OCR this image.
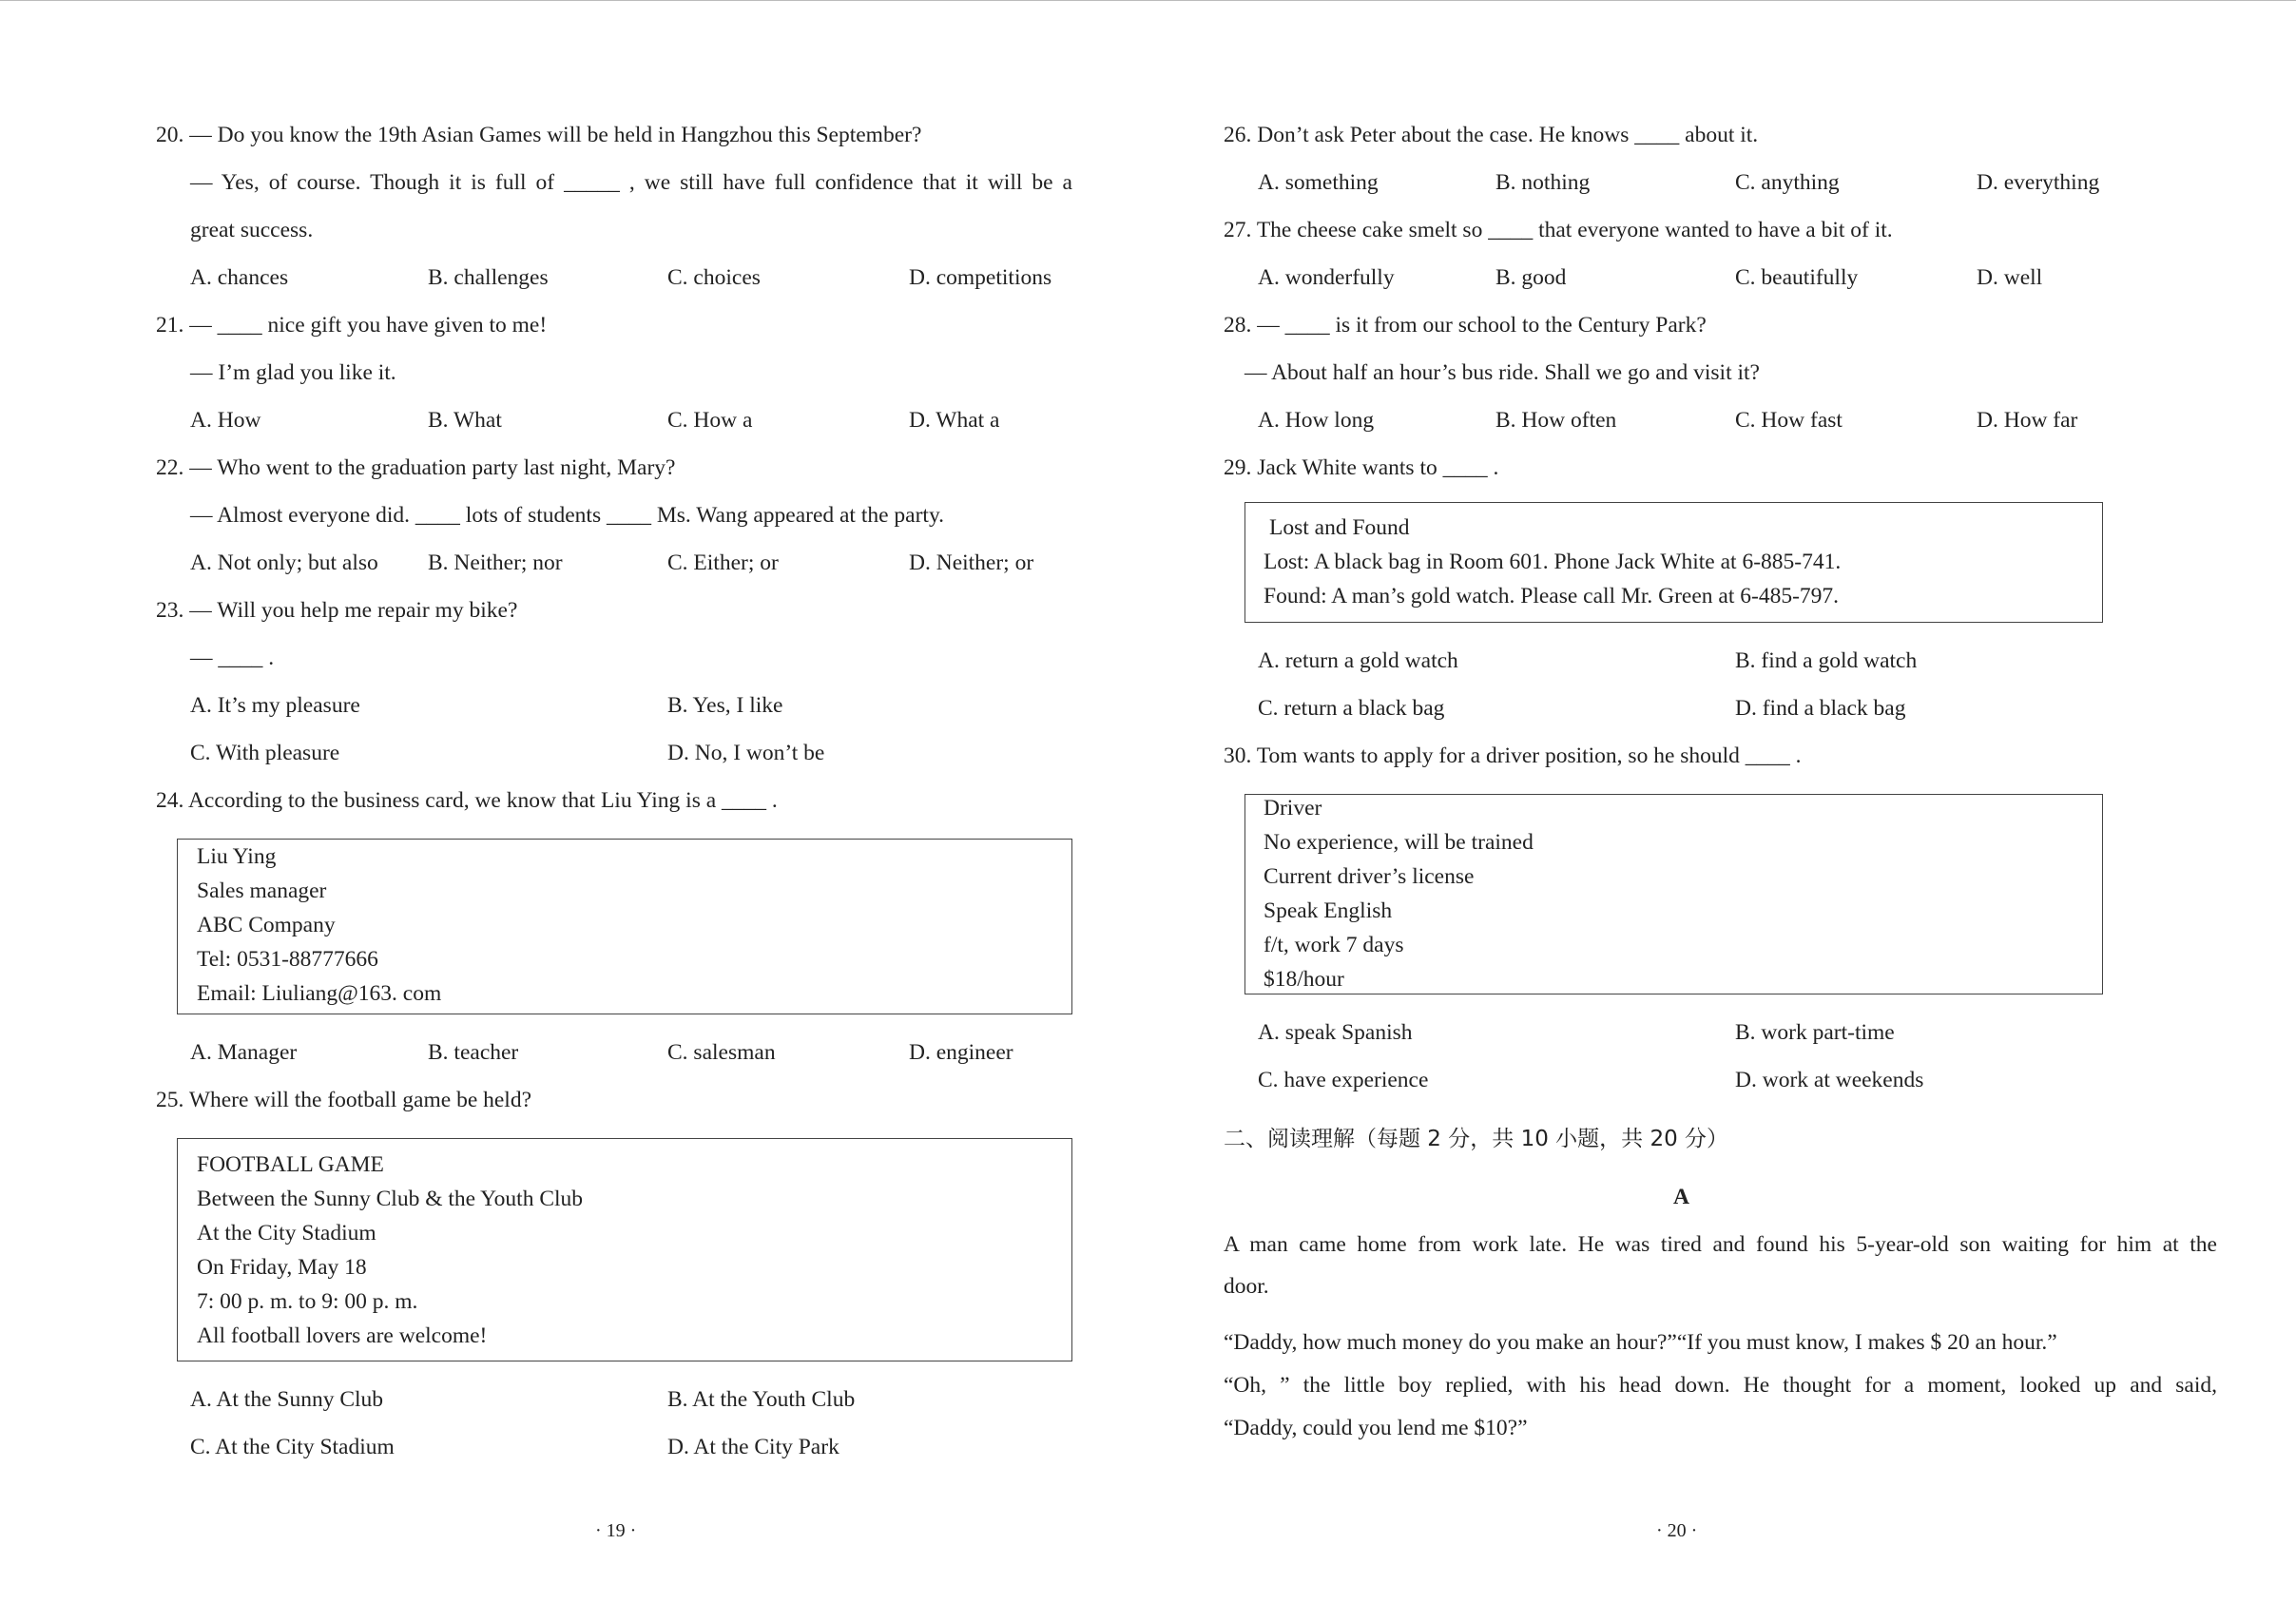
20. — Do you know the 19th Asian Games will be held in Hangzhou this September?
— Yes, of course. Though it is full of _____ , we still have full confidence that it will be a
great success.
A. chances	B. challenges	C. choices	D. competitions
21. — ____ nice gift you have given to me!
— I’m glad you like it.
A. How	B. What	C. How a	D. What a
22. — Who went to the graduation party last night, Mary?
— Almost everyone did. ____ lots of students ____ Ms. Wang appeared at the party.
A. Not only; but also B. Neither; nor	C. Either; or	D. Neither; or
23. — Will you help me repair my bike?
— ____ .
A. It’s my pleasure	B. Yes, I like
C. With pleasure	D. No, I won’t be
24. According to the business card, we know that Liu Ying is a ____ .
Liu Ying
Sales manager
ABC Company
Tel: 0531-88777666
Email: Liuliang@163. com
A. Manager	B. teacher	C. salesman	D. engineer
25. Where will the football game be held?
FOOTBALL GAME
Between the Sunny Club & the Youth Club
At the City Stadium
On Friday, May 18
7: 00 p. m. to 9: 00 p. m.
All football lovers are welcome!
A. At the Sunny Club	B. At the Youth Club
C. At the City Stadium	D. At the City Park
· 19 ·
26. Don’t ask Peter about the case. He knows ____ about it.
A. something	B. nothing	C. anything	D. everything
27. The cheese cake smelt so ____ that everyone wanted to have a bit of it.
A. wonderfully	B. good	C. beautifully	D. well
28. — ____ is it from our school to the Century Park?
— About half an hour’s bus ride. Shall we go and visit it?
A. How long	B. How often	C. How fast	D. How far
29. Jack White wants to ____ .
Lost and Found
Lost: A black bag in Room 601. Phone Jack White at 6-885-741.
Found: A man’s gold watch. Please call Mr. Green at 6-485-797.
A. return a gold watch	B. find a gold watch
C. return a black bag	D. find a black bag
30. Tom wants to apply for a driver position, so he should ____ .
Driver
No experience, will be trained
Current driver’s license
Speak English
f/t, work 7 days
$18/hour
A. speak Spanish	B. work part-time
C. have experience	D. work at weekends
二、阅读理解（每题 2 分，共 10 小题，共 20 分）
A
A man came home from work late. He was tired and found his 5-year-old son waiting for him at the
door.
“Daddy, how much money do you make an hour?”“If you must know, I makes $ 20 an hour.”
“Oh, ” the little boy replied, with his head down. He thought for a moment, looked up and said,
“Daddy, could you lend me $10?”
· 20 ·
